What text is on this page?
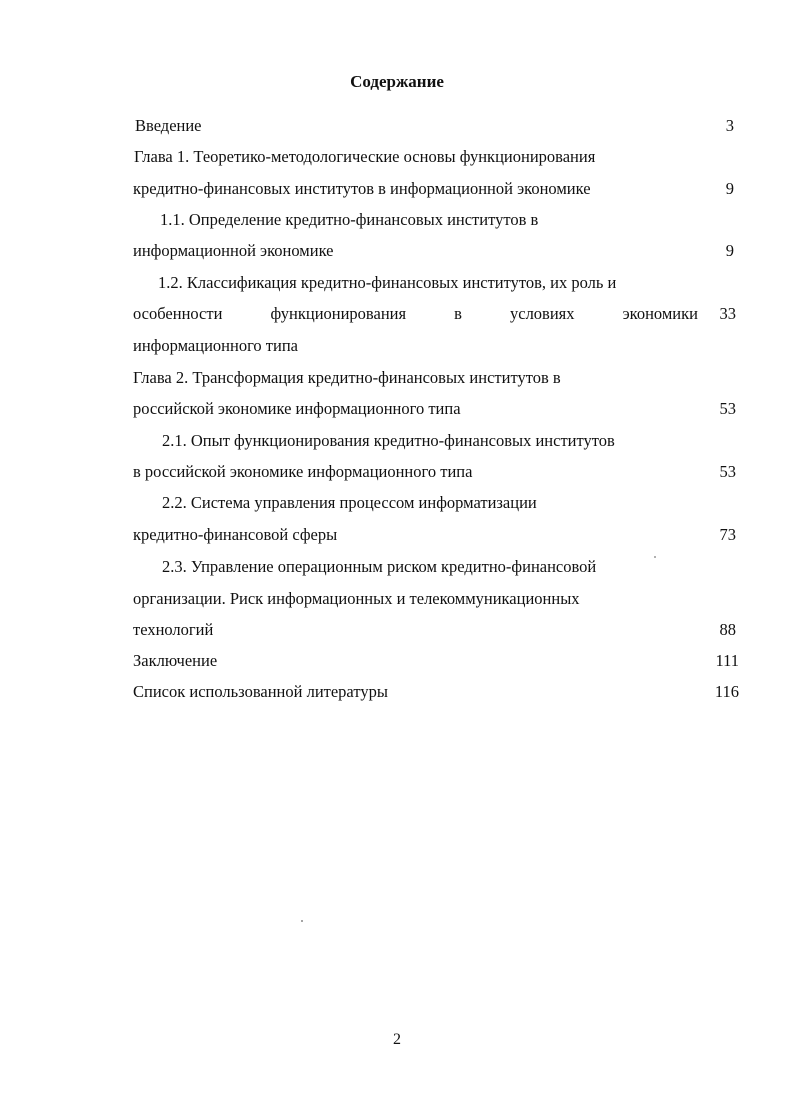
Содержание
Введение	3
Глава 1. Теоретико-методологические основы функционирования
кредитно-финансовых институтов в информационной экономике	9
1.1. Определение кредитно-финансовых институтов в
информационной экономике	9
1.2. Классификация кредитно-финансовых институтов, их роль и
особенности	функционирования	в	условиях	экономики	33
информационного типа
Глава 2. Трансформация кредитно-финансовых институтов в
российской экономике информационного типа	53
2.1. Опыт функционирования кредитно-финансовых институтов
в российской экономике информационного типа	53
2.2. Система управления процессом информатизации
кредитно-финансовой сферы	73
2.3. Управление операционным риском кредитно-финансовой
организации. Риск информационных и телекоммуникационных
технологий	88
Заключение	111
Список использованной литературы	116
2
